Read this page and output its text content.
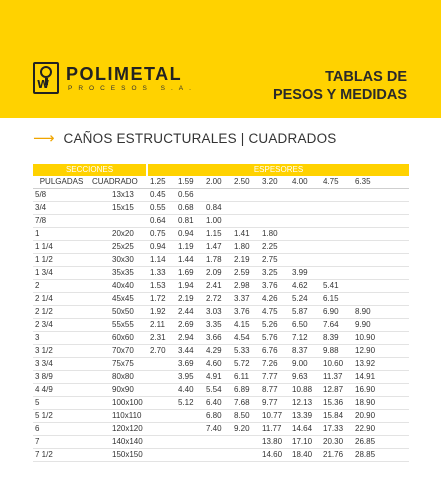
W
POLIMETAL
PROCESOS S.A.
TABLAS DE
PESOS Y MEDIDAS
⟶ CAÑOS ESTRUCTURALES | CUADRADOS
SECCIONES		ESPESORES							
PULGADAS	CUADRADO	1.25	1.59	2.00	2.50	3.20	4.00	4.75	6.35
5/8	13x13	0.45	0.56						
3/4	15x15	0.55	0.68	0.84					
7/8		0.64	0.81	1.00					
1	20x20	0.75	0.94	1.15	1.41	1.80			
1 1/4	25x25	0.94	1.19	1.47	1.80	2.25			
1 1/2	30x30	1.14	1.44	1.78	2.19	2.75			
1 3/4	35x35	1.33	1.69	2.09	2.59	3.25	3.99		
2	40x40	1.53	1.94	2.41	2.98	3.76	4.62	5.41	
2 1/4	45x45	1.72	2.19	2.72	3.37	4.26	5.24	6.15	
2 1/2	50x50	1.92	2.44	3.03	3.76	4.75	5.87	6.90	8.90
2 3/4	55x55	2.11	2.69	3.35	4.15	5.26	6.50	7.64	9.90
3	60x60	2.31	2.94	3.66	4.54	5.76	7.12	8.39	10.90
3 1/2	70x70	2.70	3.44	4.29	5.33	6.76	8.37	9.88	12.90
3 3/4	75x75		3.69	4.60	5.72	7.26	9.00	10.60	13.92
3 8/9	80x80		3.95	4.91	6.11	7.77	9.63	11.37	14.91
4 4/9	90x90		4.40	5.54	6.89	8.77	10.88	12.87	16.90
5	100x100		5.12	6.40	7.68	9.77	12.13	15.36	18.90
5 1/2	110x110			6.80	8.50	10.77	13.39	15.84	20.90
6	120x120			7.40	9.20	11.77	14.64	17.33	22.90
7	140x140					13.80	17.10	20.30	26.85
7 1/2	150x150					14.60	18.40	21.76	28.85
